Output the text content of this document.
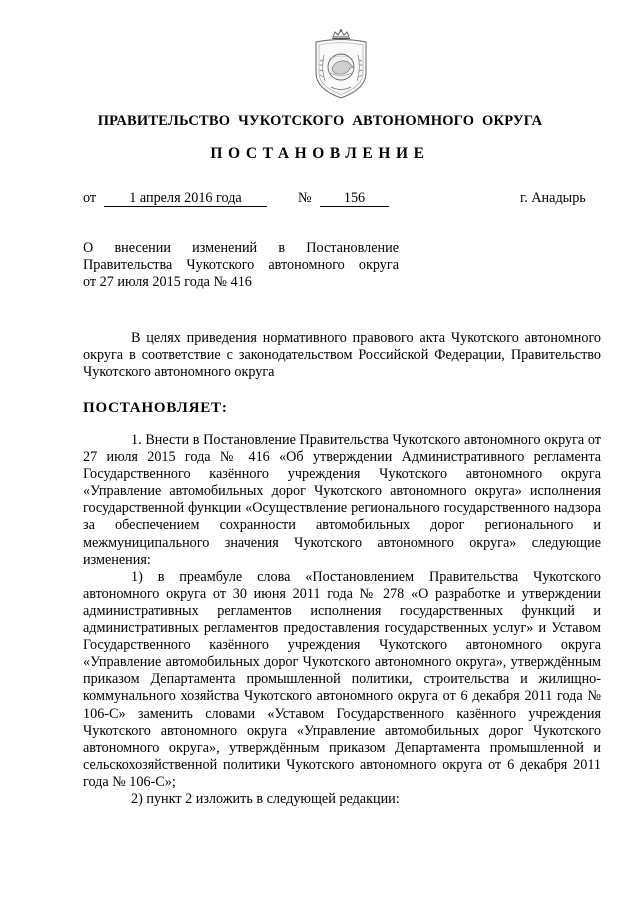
ПРАВИТЕЛЬСТВО ЧУКОТСКОГО АВТОНОМНОГО ОКРУГА
ПОСТАНОВЛЕНИЕ
от	1 апреля 2016 года	№	156	г. Анадырь
О внесении изменений в Постановление
Правительства Чукотского автономного округа
от 27 июля 2015 года № 416

В целях приведения нормативного правового акта Чукотского автономного округа в соответствие с законодательством Российской Федерации, Правительство Чукотского автономного округа

ПОСТАНОВЛЯЕТ:

1. Внести в Постановление Правительства Чукотского автономного округа от 27 июля 2015 года № 416 «Об утверждении Административного регламента Государственного казённого учреждения Чукотского автономного округа «Управление автомобильных дорог Чукотского автономного округа» исполнения государственной функции «Осуществление регионального государственного надзора за обеспечением сохранности автомобильных дорог регионального и межмуниципального значения Чукотского автономного округа» следующие изменения:

1) в преамбуле слова «Постановлением Правительства Чукотского автономного округа от 30 июня 2011 года № 278 «О разработке и утверждении административных регламентов исполнения государственных функций и административных регламентов предоставления государственных услуг» и Уставом Государственного казённого учреждения Чукотского автономного округа «Управление автомобильных дорог Чукотского автономного округа», утверждённым приказом Департамента промышленной политики, строительства и жилищно-коммунального хозяйства Чукотского автономного округа от 6 декабря 2011 года № 106-С» заменить словами «Уставом Государственного казённого учреждения Чукотского автономного округа «Управление автомобильных дорог Чукотского автономного округа», утверждённым приказом Департамента промышленной и сельскохозяйственной политики Чукотского автономного округа от 6 декабря 2011 года № 106-С»;

2) пункт 2 изложить в следующей редакции:
